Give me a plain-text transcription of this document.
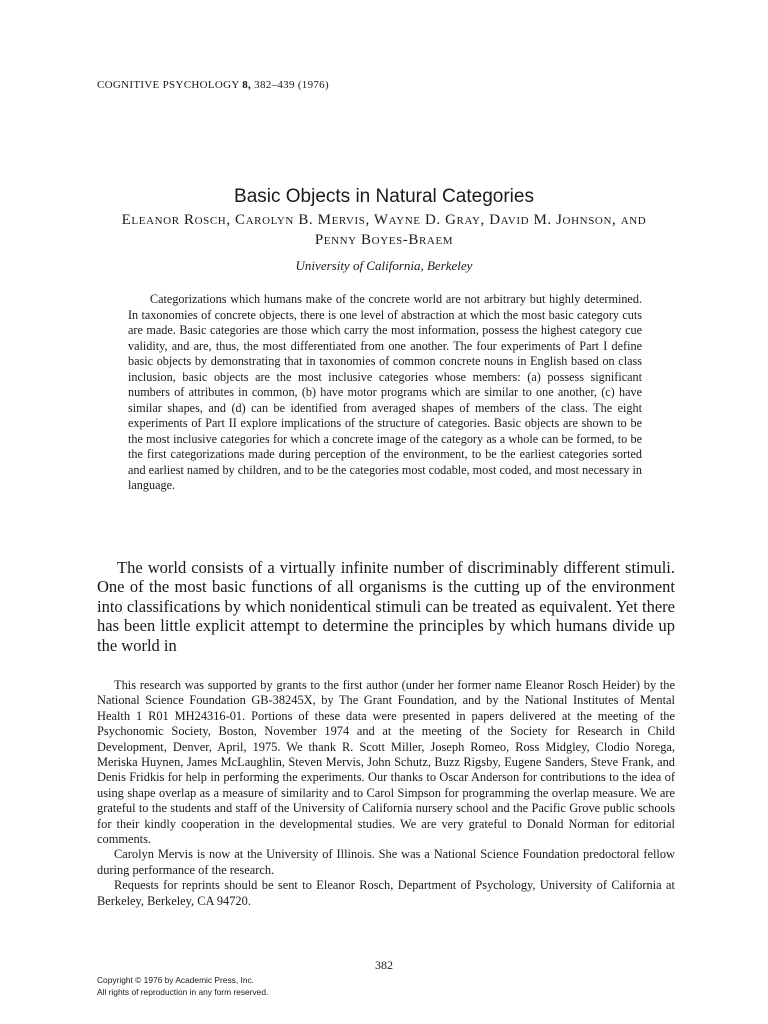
COGNITIVE PSYCHOLOGY 8, 382–439 (1976)
Basic Objects in Natural Categories
Eleanor Rosch, Carolyn B. Mervis, Wayne D. Gray, David M. Johnson, and Penny Boyes-Braem
University of California, Berkeley

Categorizations which humans make of the concrete world are not arbitrary but highly determined. In taxonomies of concrete objects, there is one level of abstraction at which the most basic category cuts are made. Basic categories are those which carry the most information, possess the highest category cue validity, and are, thus, the most differentiated from one another. The four experiments of Part I define basic objects by demonstrating that in taxonomies of common concrete nouns in English based on class inclusion, basic objects are the most inclusive categories whose members: (a) possess significant numbers of attributes in common, (b) have motor programs which are similar to one another, (c) have similar shapes, and (d) can be identified from averaged shapes of members of the class. The eight experiments of Part II explore implications of the structure of categories. Basic objects are shown to be the most inclusive categories for which a concrete image of the category as a whole can be formed, to be the first categorizations made during perception of the environment, to be the earliest categories sorted and earliest named by children, and to be the categories most codable, most coded, and most necessary in language.

The world consists of a virtually infinite number of discriminably different stimuli. One of the most basic functions of all organisms is the cutting up of the environment into classifications by which nonidentical stimuli can be treated as equivalent. Yet there has been little explicit attempt to determine the principles by which humans divide up the world in

This research was supported by grants to the first author (under her former name Eleanor Rosch Heider) by the National Science Foundation GB-38245X, by The Grant Foundation, and by the National Institutes of Mental Health 1 R01 MH24316-01. Portions of these data were presented in papers delivered at the meeting of the Psychonomic Society, Boston, November 1974 and at the meeting of the Society for Research in Child Development, Denver, April, 1975. We thank R. Scott Miller, Joseph Romeo, Ross Midgley, Clodio Norega, Meriska Huynen, James McLaughlin, Steven Mervis, John Schutz, Buzz Rigsby, Eugene Sanders, Steve Frank, and Denis Fridkis for help in performing the experiments. Our thanks to Oscar Anderson for contributions to the idea of using shape overlap as a measure of similarity and to Carol Simpson for programming the overlap measure. We are grateful to the students and staff of the University of California nursery school and the Pacific Grove public schools for their kindly cooperation in the developmental studies. We are very grateful to Donald Norman for editorial comments.

Carolyn Mervis is now at the University of Illinois. She was a National Science Foundation predoctoral fellow during performance of the research.

Requests for reprints should be sent to Eleanor Rosch, Department of Psychology, University of California at Berkeley, Berkeley, CA 94720.

382
Copyright © 1976 by Academic Press, Inc.
All rights of reproduction in any form reserved.
